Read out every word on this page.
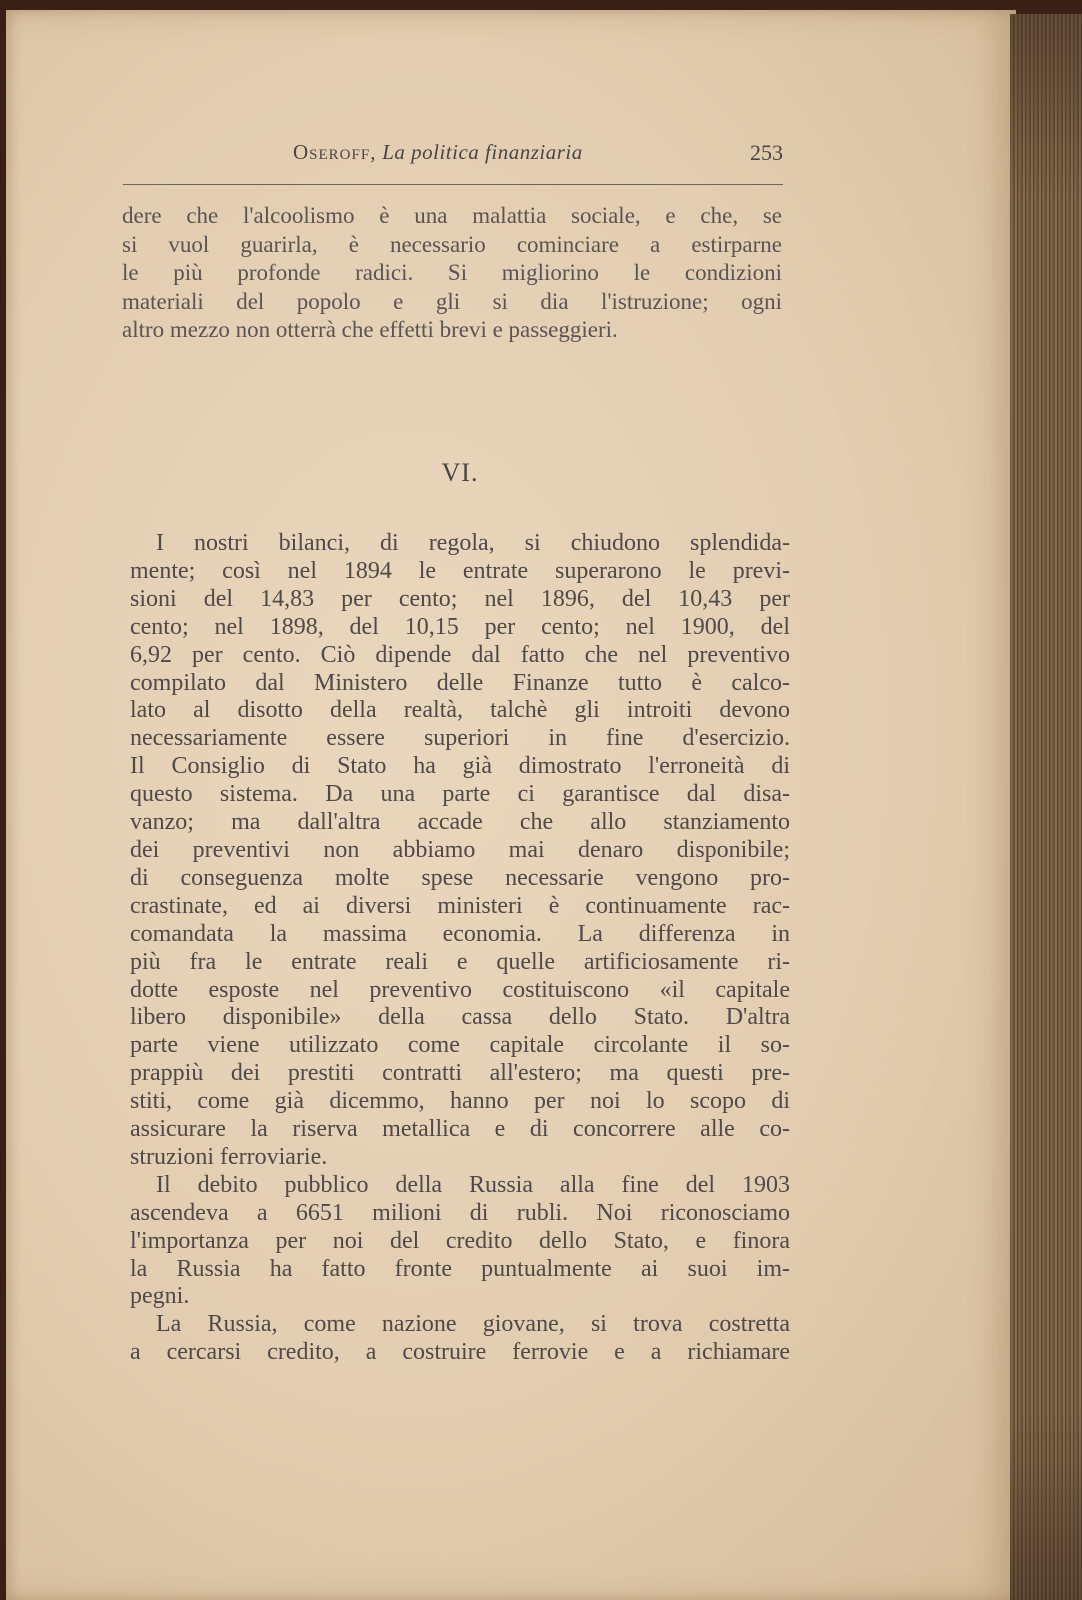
Oseroff, La politica finanziaria	253
dere che l'alcoolismo è una malattia sociale, e che, se
si vuol guarirla, è necessario cominciare a estirparne
le più profonde radici. Si migliorino le condizioni
materiali del popolo e gli si dia l'istruzione; ogni
altro mezzo non otterrà che effetti brevi e passeggieri.
VI.
I nostri bilanci, di regola, si chiudono splendida-
mente; così nel 1894 le entrate superarono le previ-
sioni del 14,83 per cento; nel 1896, del 10,43 per
cento; nel 1898, del 10,15 per cento; nel 1900, del
6,92 per cento. Ciò dipende dal fatto che nel preventivo
compilato dal Ministero delle Finanze tutto è calco-
lato al disotto della realtà, talchè gli introiti devono
necessariamente essere superiori in fine d'esercizio.
Il Consiglio di Stato ha già dimostrato l'erroneità di
questo sistema. Da una parte ci garantisce dal disa-
vanzo; ma dall'altra accade che allo stanziamento
dei preventivi non abbiamo mai denaro disponibile;
di conseguenza molte spese necessarie vengono pro-
crastinate, ed ai diversi ministeri è continuamente rac-
comandata la massima economia. La differenza in
più fra le entrate reali e quelle artificiosamente ri-
dotte esposte nel preventivo costituiscono «il capitale
libero disponibile» della cassa dello Stato. D'altra
parte viene utilizzato come capitale circolante il so-
prappiù dei prestiti contratti all'estero; ma questi pre-
stiti, come già dicemmo, hanno per noi lo scopo di
assicurare la riserva metallica e di concorrere alle co-
struzioni ferroviarie.
Il debito pubblico della Russia alla fine del 1903
ascendeva a 6651 milioni di rubli. Noi riconosciamo
l'importanza per noi del credito dello Stato, e finora
la Russia ha fatto fronte puntualmente ai suoi im-
pegni.
La Russia, come nazione giovane, si trova costretta
a cercarsi credito, a costruire ferrovie e a richiamare
